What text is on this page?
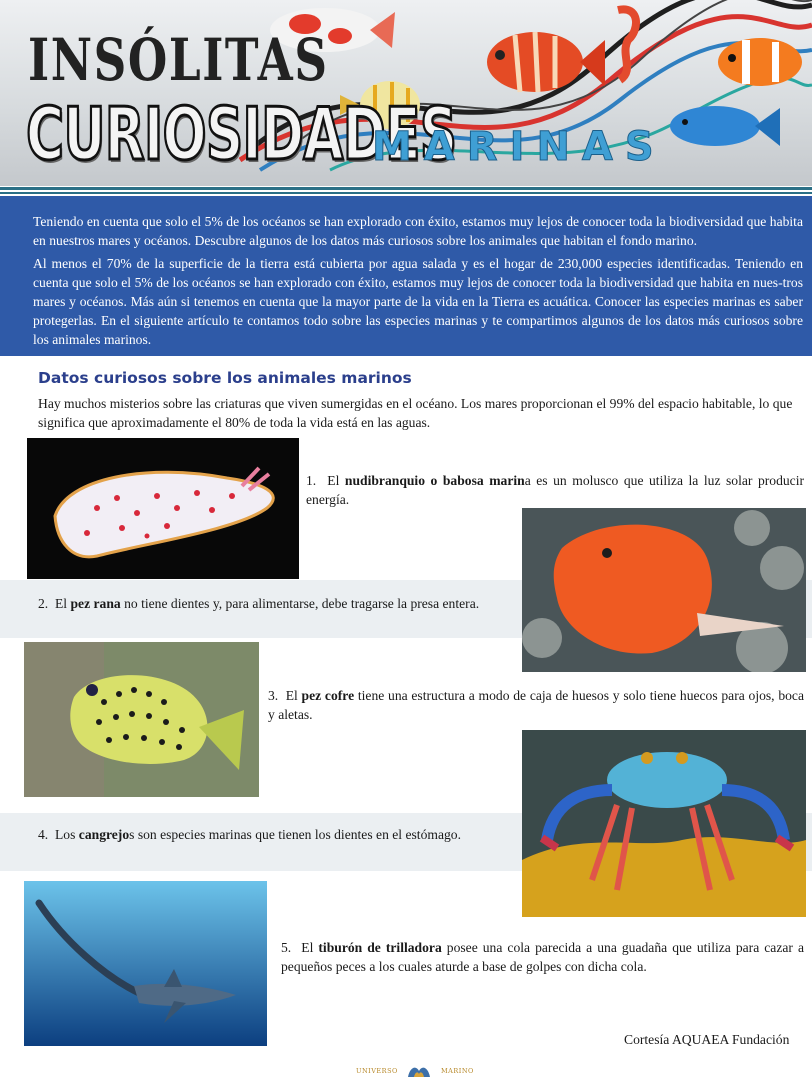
INSÓLITAS
CURIOSIDADES
MARINAS

Teniendo en cuenta que solo el 5% de los océanos se han explorado con éxito, estamos muy lejos de conocer toda la biodiversidad que habita en nuestros mares y océanos. Descubre algunos de los datos más curiosos sobre los animales que habitan el fondo marino.

Al menos el 70% de la superficie de la tierra está cubierta por agua salada y es el hogar de 230,000 especies identificadas. Teniendo en cuenta que solo el 5% de los océanos se han explorado con éxito, estamos muy lejos de conocer toda la biodiversidad que habita en nues-tros mares y océanos. Más aún si tenemos en cuenta que la mayor parte de la vida en la Tierra es acuática. Conocer las especies marinas es saber protegerlas. En el siguiente artículo te contamos todo sobre las especies marinas y te compartimos algunos de los datos más curiosos sobre los animales marinos.

Datos curiosos sobre los animales marinos

Hay muchos misterios sobre las criaturas que viven sumergidas en el océano. Los mares proporcionan el 99% del espacio habitable, lo que significa que aproximadamente el 80% de toda la vida está en las aguas.

1. El nudibranquio o babosa marina es un molusco que utiliza la luz solar producir energía.

2. El pez rana no tiene dientes y, para alimentarse, debe tragarse la presa entera.

3. El pez cofre tiene una estructura a modo de caja de huesos y solo tiene huecos para ojos, boca y aletas.

4. Los cangrejos son especies marinas que tienen los dientes en el estómago.

5. El tiburón de trilladora posee una cola parecida a una guadaña que utiliza para cazar a pequeños peces a los cuales aturde a base de golpes con dicha cola.

Cortesía AQUAEA Fundación
UNIVERSO	MARINO
